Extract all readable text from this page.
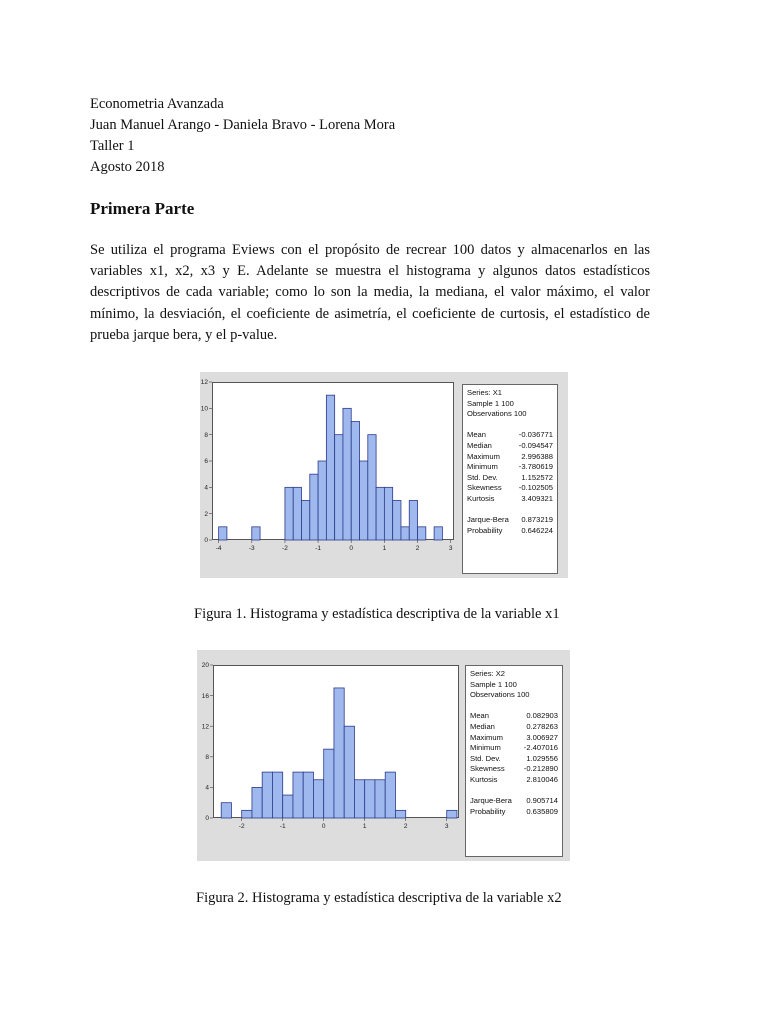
Econometria Avanzada
Juan Manuel Arango - Daniela Bravo - Lorena Mora
Taller 1
Agosto 2018
Primera Parte
Se utiliza el programa Eviews con el propósito de recrear 100 datos y almacenarlos en las variables x1, x2, x3 y E. Adelante se muestra el histograma y algunos datos estadísticos descriptivos de cada variable; como lo son la media, la mediana, el valor máximo, el valor mínimo, la desviación, el coeficiente de asimetría, el coeficiente de curtosis, el estadístico de prueba jarque bera, y el p-value.
0
2
4
6
8
10
12
-4	-3	-2	-1	0	1	2	3
Series: X1
Sample 1 100
Observations 100
Mean	-0.036771
Median	-0.094547
Maximum	2.996388
Minimum	-3.780619
Std. Dev.	1.152572
Skewness -0.102505
Kurtosis	3.409321
Jarque-Bera 0.873219
Probability 0.646224
Figura 1. Histograma y estadística descriptiva de la variable x1
0
4
8
12
16
20
-2	-1	0	1	2	3
Series: X2
Sample 1 100
Observations 100
Mean	0.082903
Median	0.278263
Maximum	3.006927
Minimum	-2.407016
Std. Dev.	1.029556
Skewness	-0.212890
Kurtosis	2.810046
Jarque-Bera 0.905714
Probability	0.635809
Figura 2. Histograma y estadística descriptiva de la variable x2
